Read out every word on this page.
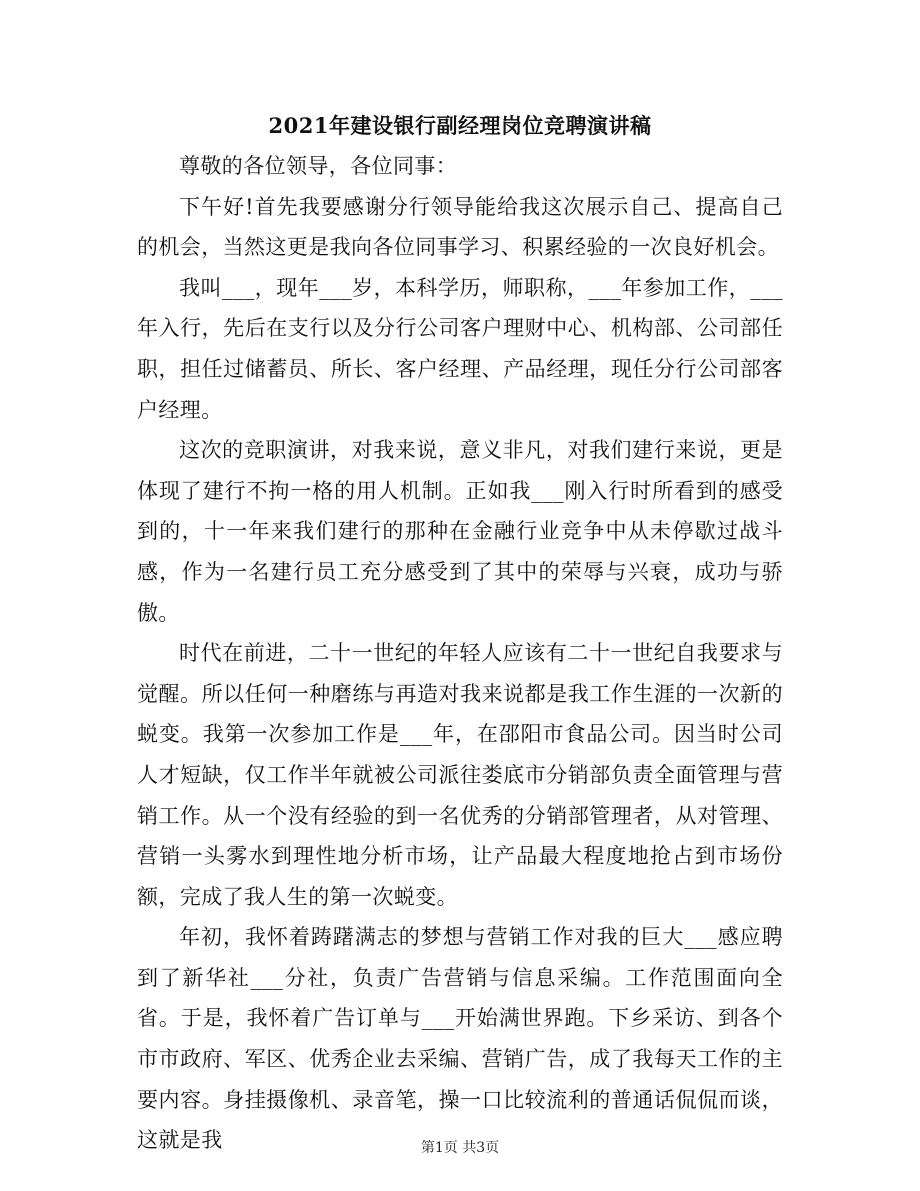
2021年建设银行副经理岗位竞聘演讲稿

尊敬的各位领导，各位同事：

下午好!首先我要感谢分行领导能给我这次展示自己、提高自己的机会，当然这更是我向各位同事学习、积累经验的一次良好机会。

我叫___，现年___岁，本科学历，师职称，___年参加工作，___年入行，先后在支行以及分行公司客户理财中心、机构部、公司部任职，担任过储蓄员、所长、客户经理、产品经理，现任分行公司部客户经理。

这次的竞职演讲，对我来说，意义非凡，对我们建行来说，更是体现了建行不拘一格的用人机制。正如我___刚入行时所看到的感受到的，十一年来我们建行的那种在金融行业竞争中从未停歇过战斗感，作为一名建行员工充分感受到了其中的荣辱与兴衰，成功与骄傲。

时代在前进，二十一世纪的年轻人应该有二十一世纪自我要求与觉醒。所以任何一种磨练与再造对我来说都是我工作生涯的一次新的蜕变。我第一次参加工作是___年，在邵阳市食品公司。因当时公司人才短缺，仅工作半年就被公司派往娄底市分销部负责全面管理与营销工作。从一个没有经验的到一名优秀的分销部管理者，从对管理、营销一头雾水到理性地分析市场，让产品最大程度地抢占到市场份额，完成了我人生的第一次蜕变。

年初，我怀着踌躇满志的梦想与营销工作对我的巨大___感应聘到了新华社___分社，负责广告营销与信息采编。工作范围面向全省。于是，我怀着广告订单与___开始满世界跑。下乡采访、到各个市市政府、军区、优秀企业去采编、营销广告，成了我每天工作的主要内容。身挂摄像机、录音笔，操一口比较流利的普通话侃侃而谈，这就是我	第1页 共3页
